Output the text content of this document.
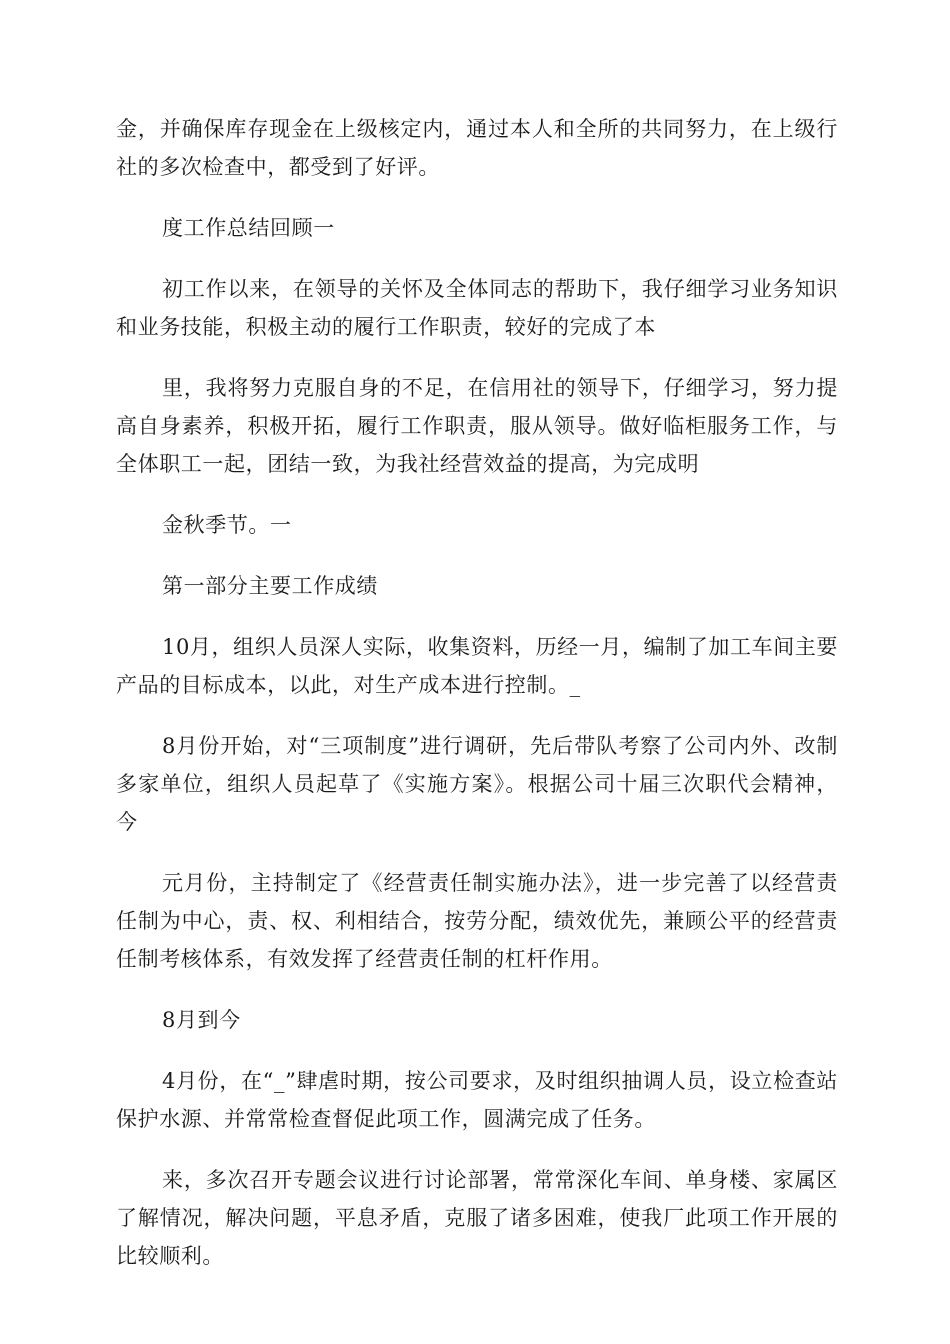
金，并确保库存现金在上级核定内，通过本人和全所的共同努力，在上级行社的多次检查中，都受到了好评。

度工作总结回顾一

初工作以来，在领导的关怀及全体同志的帮助下，我仔细学习业务知识和业务技能，积极主动的履行工作职责，较好的完成了本

里，我将努力克服自身的不足，在信用社的领导下，仔细学习，努力提高自身素养，积极开拓，履行工作职责，服从领导。做好临柜服务工作，与全体职工一起，团结一致，为我社经营效益的提高，为完成明

金秋季节。一

第一部分主要工作成绩

10月，组织人员深人实际，收集资料，历经一月，编制了加工车间主要产品的目标成本，以此，对生产成本进行控制。_

8月份开始，对“三项制度”进行调研，先后带队考察了公司内外、改制多家单位，组织人员起草了《实施方案》。根据公司十届三次职代会精神，今

元月份，主持制定了《经营责任制实施办法》，进一步完善了以经营责任制为中心，责、权、利相结合，按劳分配，绩效优先，兼顾公平的经营责任制考核体系，有效发挥了经营责任制的杠杆作用。

8月到今

4月份，在“_”肆虐时期，按公司要求，及时组织抽调人员，设立检查站保护水源、并常常检查督促此项工作，圆满完成了任务。

来，多次召开专题会议进行讨论部署，常常深化车间、单身楼、家属区了解情况，解决问题，平息矛盾，克服了诸多困难，使我厂此项工作开展的比较顺利。
